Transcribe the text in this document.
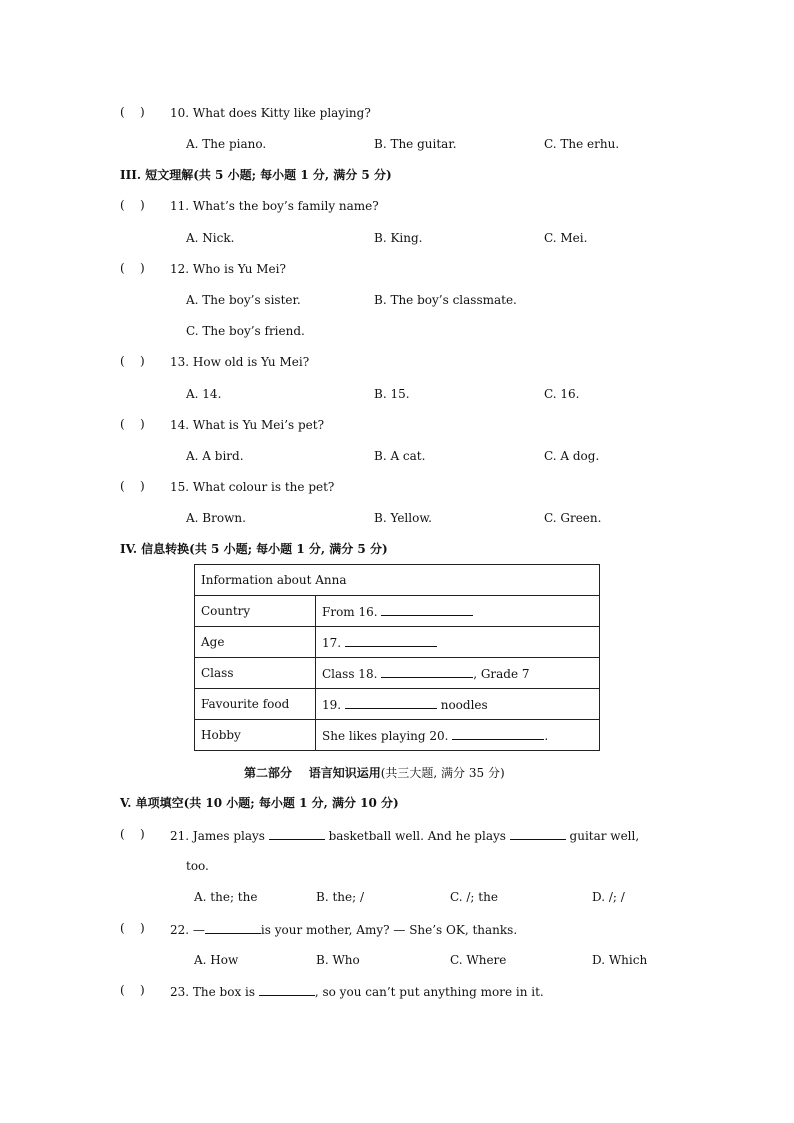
(    ) 10. What does Kitty like playing?
A. The piano.	B. The guitar.	C. The erhu.
III. 短文理解(共 5 小题; 每小题 1 分, 满分 5 分)
(    ) 11. What’s the boy’s family name?
A. Nick.	B. King.	C. Mei.
(    ) 12. Who is Yu Mei?
A. The boy’s sister.	B. The boy’s classmate.
C. The boy’s friend.
(    ) 13. How old is Yu Mei?
A. 14.	B. 15.	C. 16.
(    ) 14. What is Yu Mei’s pet?
A. A bird.	B. A cat.	C. A dog.
(    ) 15. What colour is the pet?
A. Brown.	B. Yellow.	C. Green.
IV. 信息转换(共 5 小题; 每小题 1 分, 满分 5 分)
Information about Anna	
Country	From 16.
Age	17.
Class	Class 18. , Grade 7
Favourite food	19. noodles
Hobby	She likes playing 20. .
第二部分 语言知识运用(共三大题, 满分 35 分)
V. 单项填空(共 10 小题; 每小题 1 分, 满分 10 分)
(    ) 21. James plays	basketball well. And he plays	guitar well,
too.
A. the; the	B. the; /	C. /; the	D. /; /
(    ) 22. —	is your mother, Amy? — She’s OK, thanks.
A. How	B. Who	C. Where	D. Which
(    ) 23. The box is	, so you can’t put anything more in it.
